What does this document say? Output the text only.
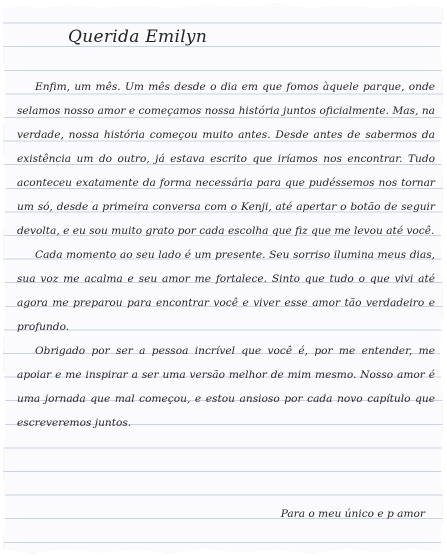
Querida Emilyn

Enfim, um mês. Um mês desde o dia em que fomos àquele parque, onde selamos nosso amor e começamos nossa história juntos oficialmente. Mas, na verdade, nossa história começou muito antes. Desde antes de sabermos da existência um do outro, já estava escrito que iríamos nos encontrar. Tudo aconteceu exatamente da forma necessária para que pudéssemos nos tornar um só, desde a primeira conversa com o Kenji, até apertar o botão de seguir devolta, e eu sou muito grato por cada escolha que fiz que me levou até você.

Cada momento ao seu lado é um presente. Seu sorriso ilumina meus dias, sua voz me acalma e seu amor me fortalece. Sinto que tudo o que vivi até agora me preparou para encontrar você e viver esse amor tão verdadeiro e profundo.

Obrigado por ser a pessoa incrível que você é, por me entender, me apoiar e me inspirar a ser uma versão melhor de mim mesmo. Nosso amor é uma jornada que mal começou, e estou ansioso por cada novo capítulo que escreveremos juntos.

Para o meu único e p amor
